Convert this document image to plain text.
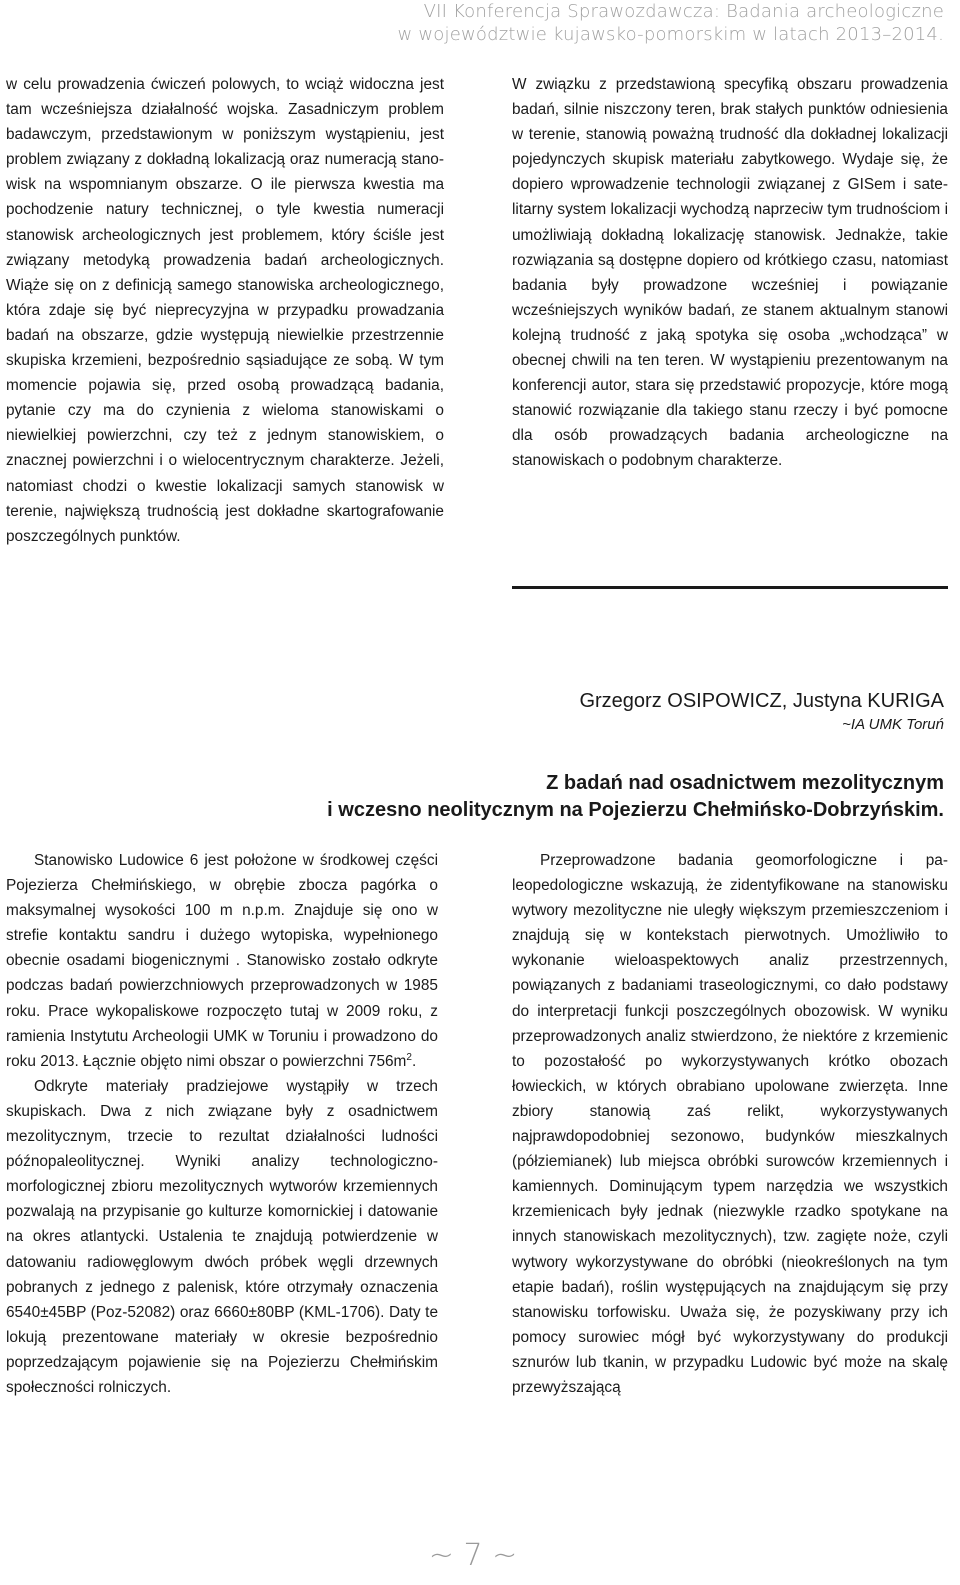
VII Konferencja Sprawozdawcza: Badania archeologiczne
w województwie kujawsko-pomorskim w latach 2013–2014.

w celu prowadzenia ćwiczeń polowych, to wciąż widoczna jest tam wcześniejsza działalność wojska. Zasadniczym problem badawczym, przedstawionym w poniższym wystąpieniu, jest problem związany z dokładną lokalizacją oraz numeracją stanowisk na wspomnianym obszarze. O ile pierwsza kwestia ma pochodzenie natury technicznej, o tyle kwestia numeracji stanowisk archeologicznych jest problemem, który ściśle jest związany metodyką prowadzenia badań archeologicznych. Wiąże się on z definicją samego stanowiska archeologicznego, która zdaje się być nieprecyzyjna w przypadku prowadzania badań na obszarze, gdzie występują niewielkie przestrzennie skupiska krzemieni, bezpośrednio sąsiadujące ze sobą. W tym momencie pojawia się, przed osobą prowadzącą badania, pytanie czy ma do czynienia z wieloma stanowiskami o niewielkiej powierzchni, czy też z jednym stanowiskiem, o znacznej powierzchni i o wielocentrycznym charakterze. Jeżeli, natomiast chodzi o kwestie lokalizacji samych stanowisk w terenie, największą trudnością jest dokładne skartografowanie poszczególnych punktów.

W związku z przedstawioną specyfiką obszaru prowadzenia badań, silnie niszczony teren, brak stałych punktów odniesienia w terenie, stanowią poważną trudność dla dokładnej lokalizacji pojedynczych skupisk materiału zabytkowego. Wydaje się, że dopiero wprowadzenie technologii związanej z GISem i satelitarny system lokalizacji wychodzą naprzeciw tym trudnościom i umożliwiają dokładną lokalizację stanowisk. Jednakże, takie rozwiązania są dostępne dopiero od krótkiego czasu, natomiast badania były prowadzone wcześniej i powiązanie wcześniejszych wyników badań, ze stanem aktualnym stanowi kolejną trudność z jaką spotyka się osoba „wchodząca” w obecnej chwili na ten teren. W wystąpieniu prezentowanym na konferencji autor, stara się przedstawić propozycje, które mogą stanowić rozwiązanie dla takiego stanu rzeczy i być pomocne dla osób prowadzących badania archeologiczne na stanowiskach o podobnym charakterze.

Grzegorz OSIPOWICZ, Justyna KURIGA
~IA UMK Toruń
Z badań nad osadnictwem mezolitycznym
i wczesno neolitycznym na Pojezierzu Chełmińsko-Dobrzyńskim.

Stanowisko Ludowice 6 jest położone w środkowej części Pojezierza Chełmińskiego, w obrębie zbocza pagórka o maksymalnej wysokości 100 m n.p.m. Znajduje się ono w strefie kontaktu sandru i dużego wytopiska, wypełnionego obecnie osadami biogenicznymi . Stanowisko zostało odkryte podczas badań powierzchniowych przeprowadzonych w 1985 roku. Prace wykopaliskowe rozpoczęto tutaj w 2009 roku, z ramienia Instytutu Archeologii UMK w Toruniu i prowadzono do roku 2013. Łącznie objęto nimi obszar o powierzchni $756m^2$.

Odkryte materiały pradziejowe wystąpiły w trzech skupiskach. Dwa z nich związane były z osadnictwem mezolitycznym, trzecie to rezultat działalności ludności późnopaleolitycznej. Wyniki analizy technologiczno-morfologicznej zbioru mezolitycznych wytworów krzemiennych pozwalają na przypisanie go kulturze komornickiej i datowanie na okres atlantycki. Ustalenia te znajdują potwierdzenie w datowaniu radiowęglowym dwóch próbek węgli drzewnych pobranych z jednego z palenisk, które otrzymały oznaczenia 6540±45BP (Poz-52082) oraz 6660±80BP (KML-1706). Daty te lokują prezentowane materiały w okresie bezpośrednio poprzedzającym pojawienie się na Pojezierzu Chełmińskim społeczności rolniczych.

Przeprowadzone badania geomorfologiczne i paleopedologiczne wskazują, że zidentyfikowane na stanowisku wytwory mezolityczne nie uległy większym przemieszczeniom i znajdują się w kontekstach pierwotnych. Umożliwiło to wykonanie wieloaspektowych analiz przestrzennych, powiązanych z badaniami traseologicznymi, co dało podstawy do interpretacji funkcji poszczególnych obozowisk. W wyniku przeprowadzonych analiz stwierdzono, że niektóre z krzemienic to pozostałość po wykorzystywanych krótko obozach łowieckich, w których obrabiano upolowane zwierzęta. Inne zbiory stanowią zaś relikt, wykorzystywanych najprawdopodobniej sezonowo, budynków mieszkalnych (półziemianek) lub miejsca obróbki surowców krzemiennych i kamiennych. Dominującym typem narzędzia we wszystkich krzemienicach były jednak (niezwykle rzadko spotykane na innych stanowiskach mezolitycznych), tzw. zagięte noże, czyli wytwory wykorzystywane do obróbki (nieokreślonych na tym etapie badań), roślin występujących na znajdującym się przy stanowisku torfowisku. Uważa się, że pozyskiwany przy ich pomocy surowiec mógł być wykorzystywany do produkcji sznurów lub tkanin, w przypadku Ludowic być może na skalę przewyższającą

~ 7 ~
